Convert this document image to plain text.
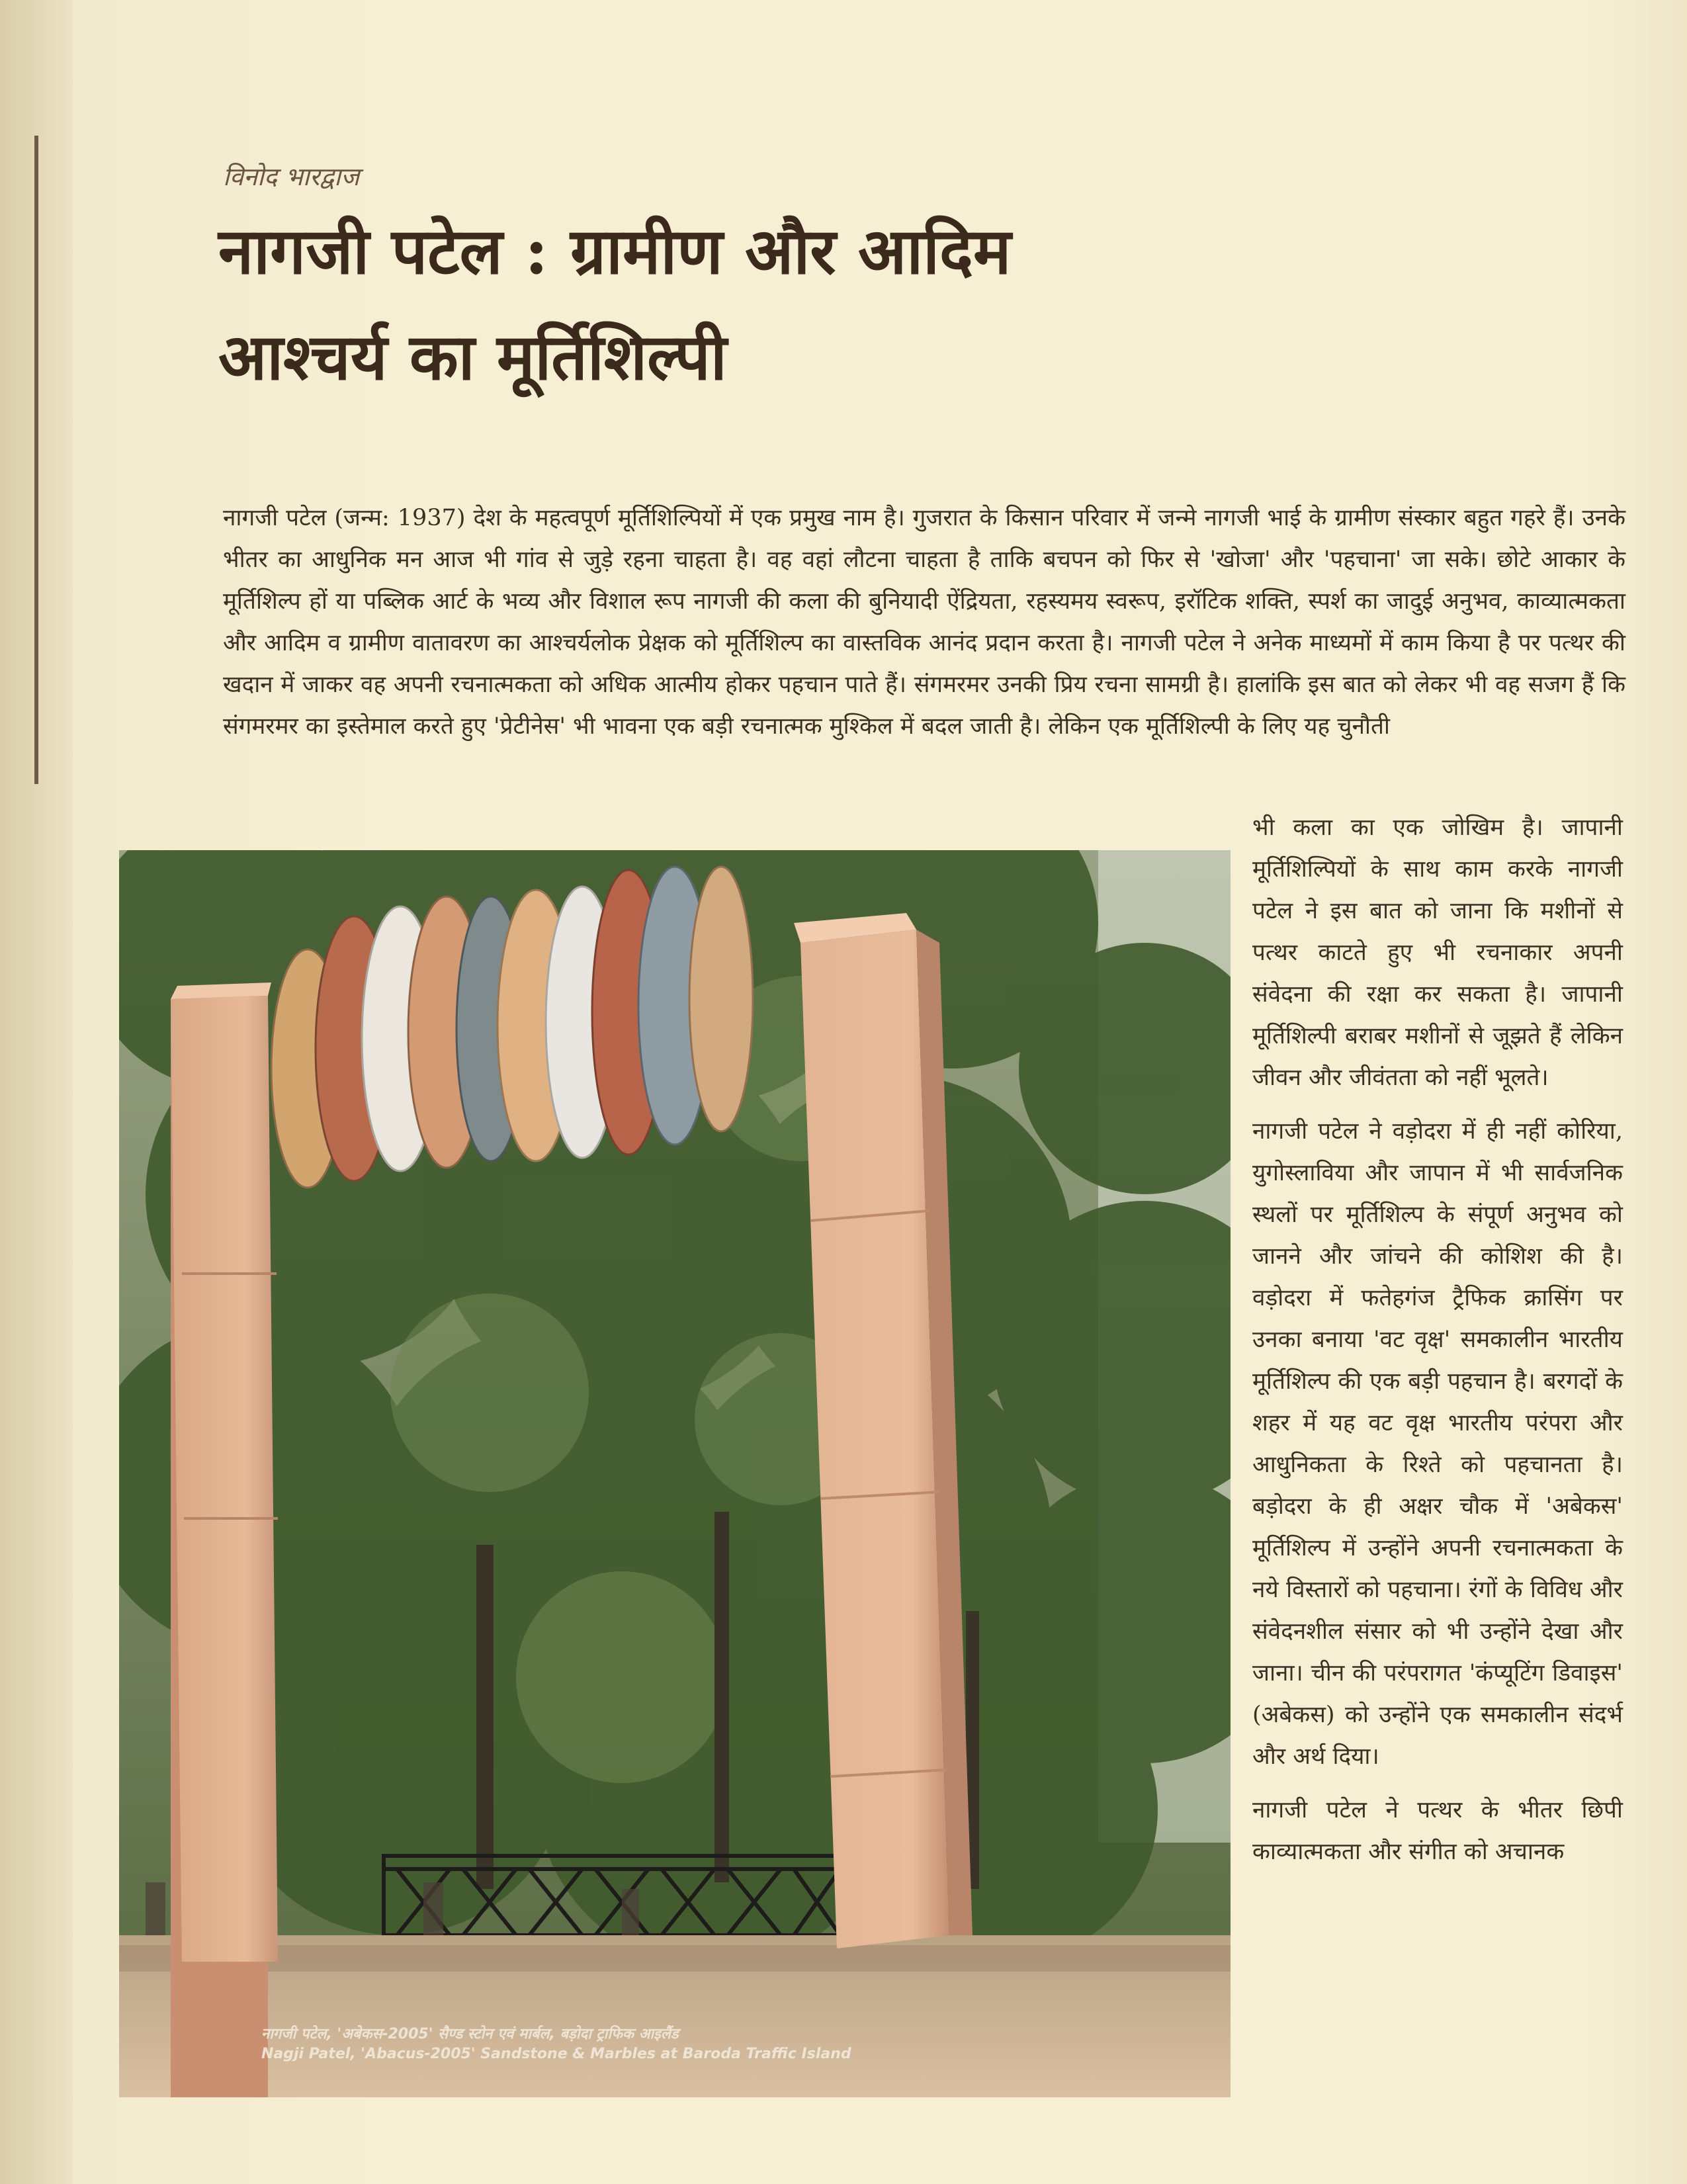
विनोद भारद्वाज
नागजी पटेल : ग्रामीण और आदिम
आश्चर्य का मूर्तिशिल्पी
नागजी पटेल (जन्म: 1937) देश के महत्वपूर्ण मूर्तिशिल्पियों में एक प्रमुख नाम है। गुजरात के किसान परिवार में जन्मे नागजी भाई के ग्रामीण संस्कार बहुत गहरे हैं। उनके भीतर का आधुनिक मन आज भी गांव से जुड़े रहना चाहता है। वह वहां लौटना चाहता है ताकि बचपन को फिर से 'खोजा' और 'पहचाना' जा सके। छोटे आकार के मूर्तिशिल्प हों या पब्लिक आर्ट के भव्य और विशाल रूप नागजी की कला की बुनियादी ऐंद्रियता, रहस्यमय स्वरूप, इरॉटिक शक्ति, स्पर्श का जादुई अनुभव, काव्यात्मकता और आदिम व ग्रामीण वातावरण का आश्चर्यलोक प्रेक्षक को मूर्तिशिल्प का वास्तविक आनंद प्रदान करता है। नागजी पटेल ने अनेक माध्यमों में काम किया है पर पत्थर की खदान में जाकर वह अपनी रचनात्मकता को अधिक आत्मीय होकर पहचान पाते हैं। संगमरमर उनकी प्रिय रचना सामग्री है। हालांकि इस बात को लेकर भी वह सजग हैं कि संगमरमर का इस्तेमाल करते हुए 'प्रेटीनेस' भी भावना एक बड़ी रचनात्मक मुश्किल में बदल जाती है। लेकिन एक मूर्तिशिल्पी के लिए यह चुनौती
नागजी पटेल, 'अबेकस-2005' सैण्ड स्टोन एवं मार्बल, बड़ोदा ट्राफिक आइलैंड
Nagji Patel, 'Abacus-2005' Sandstone & Marbles at Baroda Traffic Island

भी कला का एक जोखिम है। जापानी मूर्तिशिल्पियों के साथ काम करके नागजी पटेल ने इस बात को जाना कि मशीनों से पत्थर काटते हुए भी रचनाकार अपनी संवेदना की रक्षा कर सकता है। जापानी मूर्तिशिल्पी बराबर मशीनों से जूझते हैं लेकिन जीवन और जीवंतता को नहीं भूलते।

नागजी पटेल ने वड़ोदरा में ही नहीं कोरिया, युगोस्लाविया और जापान में भी सार्वजनिक स्थलों पर मूर्तिशिल्प के संपूर्ण अनुभव को जानने और जांचने की कोशिश की है। वड़ोदरा में फतेहगंज ट्रैफिक क्रासिंग पर उनका बनाया 'वट वृक्ष' समकालीन भारतीय मूर्तिशिल्प की एक बड़ी पहचान है। बरगदों के शहर में यह वट वृक्ष भारतीय परंपरा और आधुनिकता के रिश्ते को पहचानता है। बड़ोदरा के ही अक्षर चौक में 'अबेकस' मूर्तिशिल्प में उन्होंने अपनी रचनात्मकता के नये विस्तारों को पहचाना। रंगों के विविध और संवेदनशील संसार को भी उन्होंने देखा और जाना। चीन की परंपरागत 'कंप्यूटिंग डिवाइस' (अबेकस) को उन्होंने एक समकालीन संदर्भ और अर्थ दिया।

नागजी पटेल ने पत्थर के भीतर छिपी काव्यात्मकता और संगीत को अचानक
